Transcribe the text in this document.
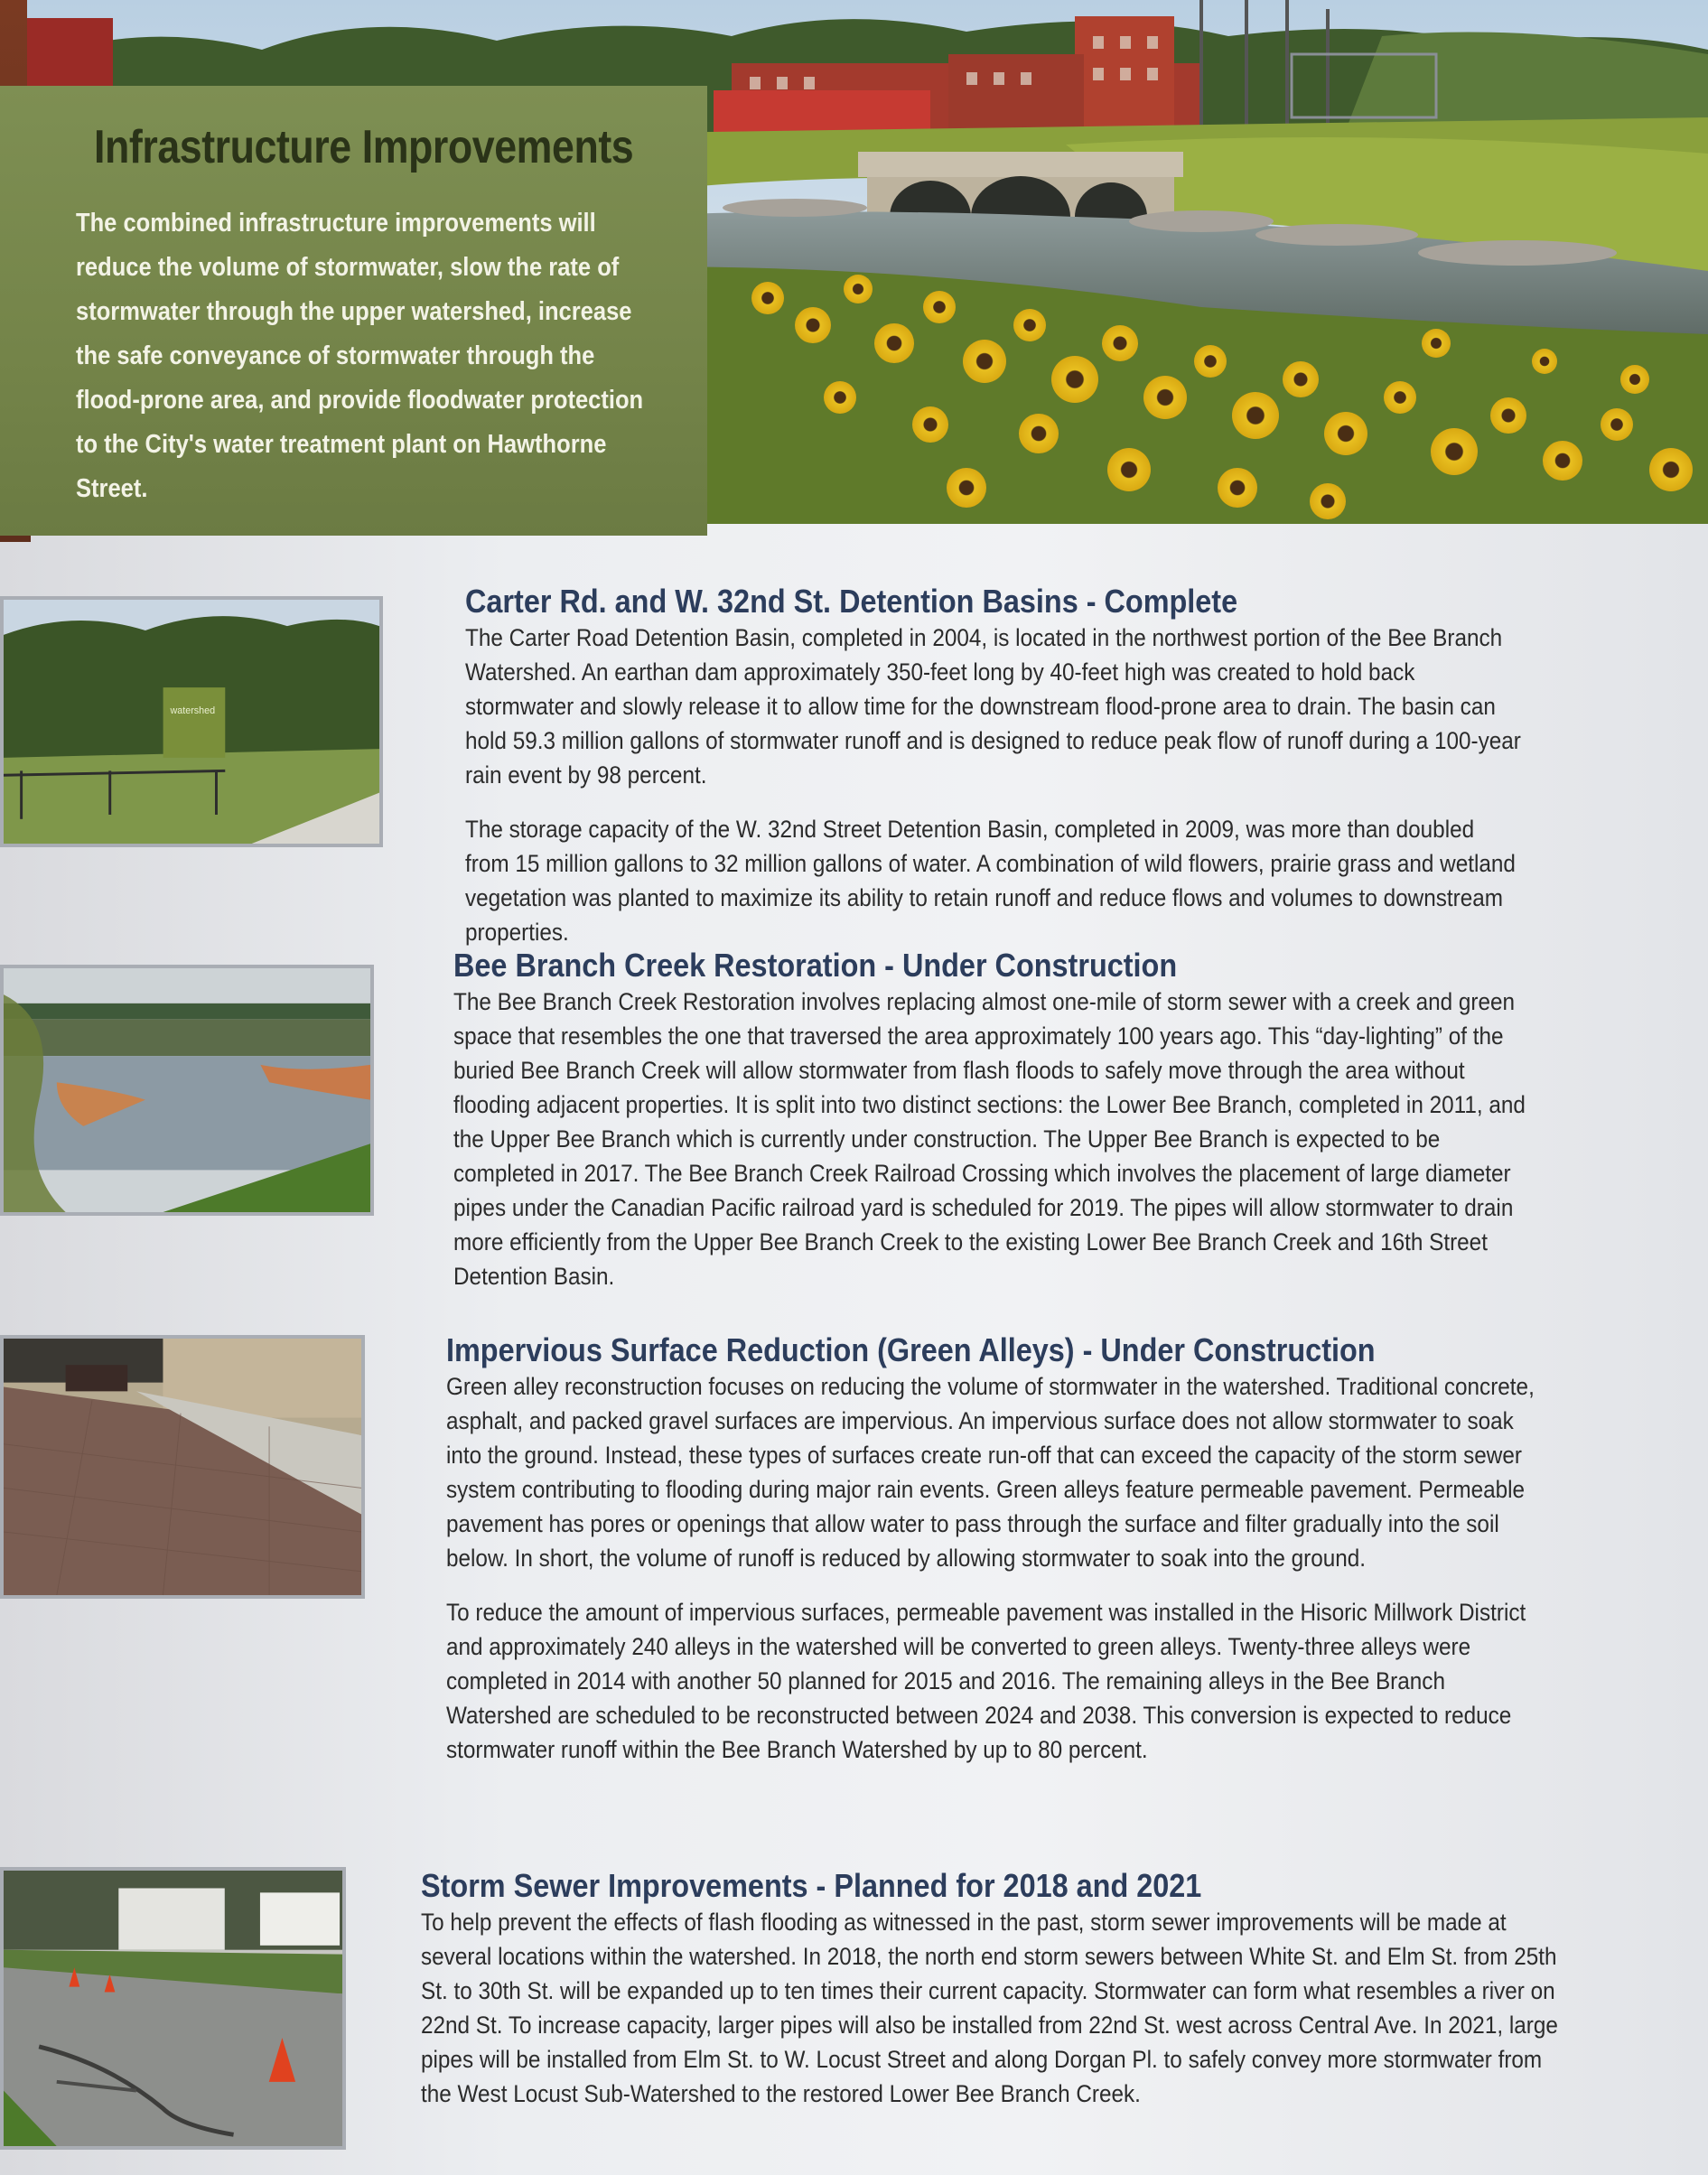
Infrastructure Improvements

The combined infrastructure improvements will reduce the volume of stormwater, slow the rate of stormwater through the upper watershed, increase the safe conveyance of stormwater through the flood-prone area, and provide floodwater protection to the City's water treatment plant on Hawthorne Street.

watershed
Carter Rd. and W. 32nd St. Detention Basins - Complete

The Carter Road Detention Basin, completed in 2004, is located in the northwest portion of the Bee Branch Watershed. An earthan dam approximately 350-feet long by 40-feet high was created to hold back stormwater and slowly release it to allow time for the downstream flood-prone area to drain. The basin can hold 59.3 million gallons of stormwater runoff and is designed to reduce peak flow of runoff during a 100-year rain event by 98 percent.

The storage capacity of the W. 32nd Street Detention Basin, completed in 2009, was more than doubled from 15 million gallons to 32 million gallons of water. A combination of wild flowers, prairie grass and wetland vegetation was planted to maximize its ability to retain runoff and reduce flows and volumes to downstream properties.

Bee Branch Creek Restoration - Under Construction

The Bee Branch Creek Restoration involves replacing almost one-mile of storm sewer with a creek and green space that resembles the one that traversed the area approximately 100 years ago. This “day-lighting” of the buried Bee Branch Creek will allow stormwater from flash floods to safely move through the area without flooding adjacent properties. It is split into two distinct sections: the Lower Bee Branch, completed in 2011, and the Upper Bee Branch which is currently under construction. The Upper Bee Branch is expected to be completed in 2017. The Bee Branch Creek Railroad Crossing which involves the placement of large diameter pipes under the Canadian Pacific railroad yard is scheduled for 2019. The pipes will allow stormwater to drain more efficiently from the Upper Bee Branch Creek to the existing Lower Bee Branch Creek and 16th Street Detention Basin.

Impervious Surface Reduction (Green Alleys) - Under Construction

Green alley reconstruction focuses on reducing the volume of stormwater in the watershed. Traditional concrete, asphalt, and packed gravel surfaces are impervious. An impervious surface does not allow stormwater to soak into the ground. Instead, these types of surfaces create run-off that can exceed the capacity of the storm sewer system contributing to flooding during major rain events. Green alleys feature permeable pavement. Permeable pavement has pores or openings that allow water to pass through the surface and filter gradually into the soil below. In short, the volume of runoff is reduced by allowing stormwater to soak into the ground.

To reduce the amount of impervious surfaces, permeable pavement was installed in the Hisoric Millwork District and approximately 240 alleys in the watershed will be converted to green alleys. Twenty-three alleys were completed in 2014 with another 50 planned for 2015 and 2016. The remaining alleys in the Bee Branch Watershed are scheduled to be reconstructed between 2024 and 2038. This conversion is expected to reduce stormwater runoff within the Bee Branch Watershed by up to 80 percent.

Storm Sewer Improvements - Planned for 2018 and 2021

To help prevent the effects of flash flooding as witnessed in the past, storm sewer improvements will be made at several locations within the watershed. In 2018, the north end storm sewers between White St. and Elm St. from 25th St. to 30th St. will be expanded up to ten times their current capacity. Stormwater can form what resembles a river on 22nd St. To increase capacity, larger pipes will also be installed from 22nd St. west across Central Ave. In 2021, large pipes will be installed from Elm St. to W. Locust Street and along Dorgan Pl. to safely convey more stormwater from the West Locust Sub-Watershed to the restored Lower Bee Branch Creek.
